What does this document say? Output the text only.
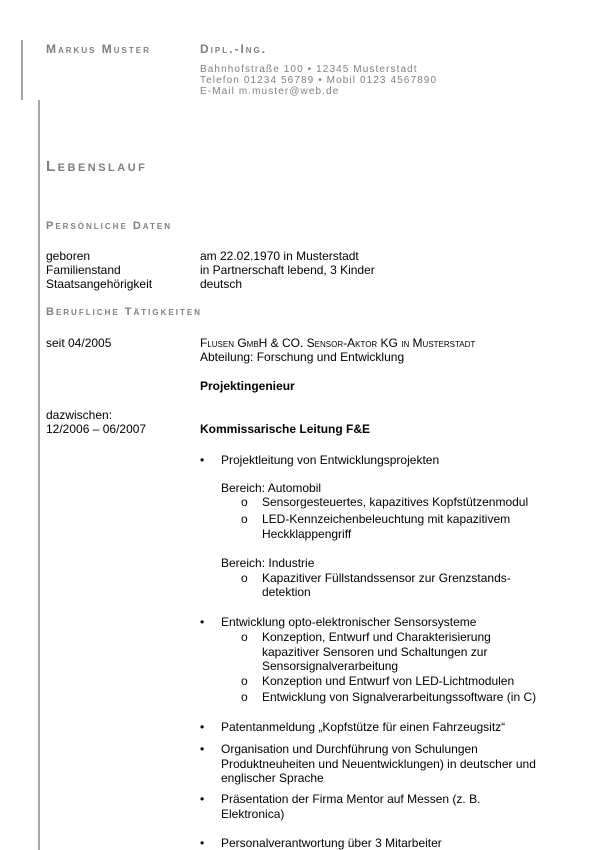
Markus Muster	Dipl.-Ing.
Bahnhofstraße 100 • 12345 Musterstadt
Telefon 01234 56789 • Mobil 0123 4567890
E-Mail m.muster@web.de
Lebenslauf
Persönliche Daten
geboren	am 22.02.1970 in Musterstadt
Familienstand	in Partnerschaft lebend, 3 Kinder
Staatsangehörigkeit	deutsch
Berufliche Tätigkeiten
seit 04/2005	Flusen GmbH & CO. Sensor-Aktor KG in Musterstadt
Abteilung: Forschung und Entwicklung
Projektingenieur
dazwischen:
12/2006 – 06/2007	Kommissarische Leitung F&E
• Projektleitung von Entwicklungsprojekten
Bereich: Automobil
o Sensorgesteuertes, kapazitives Kopfstützenmodul
o LED-Kennzeichenbeleuchtung mit kapazitivem
Heckklappengriff
Bereich: Industrie
o Kapazitiver Füllstandssensor zur Grenzstands-
detektion
• Entwicklung opto-elektronischer Sensorsysteme
o Konzeption, Entwurf und Charakterisierung
kapazitiver Sensoren und Schaltungen zur
Sensorsignalverarbeitung
o Konzeption und Entwurf von LED-Lichtmodulen
o Entwicklung von Signalverarbeitungssoftware (in C)
• Patentanmeldung „Kopfstütze für einen Fahrzeugsitz“
• Organisation und Durchführung von Schulungen
Produktneuheiten und Neuentwicklungen) in deutscher und
englischer Sprache
• Präsentation der Firma Mentor auf Messen (z. B.
Elektronica)
• Personalverantwortung über 3 Mitarbeiter
